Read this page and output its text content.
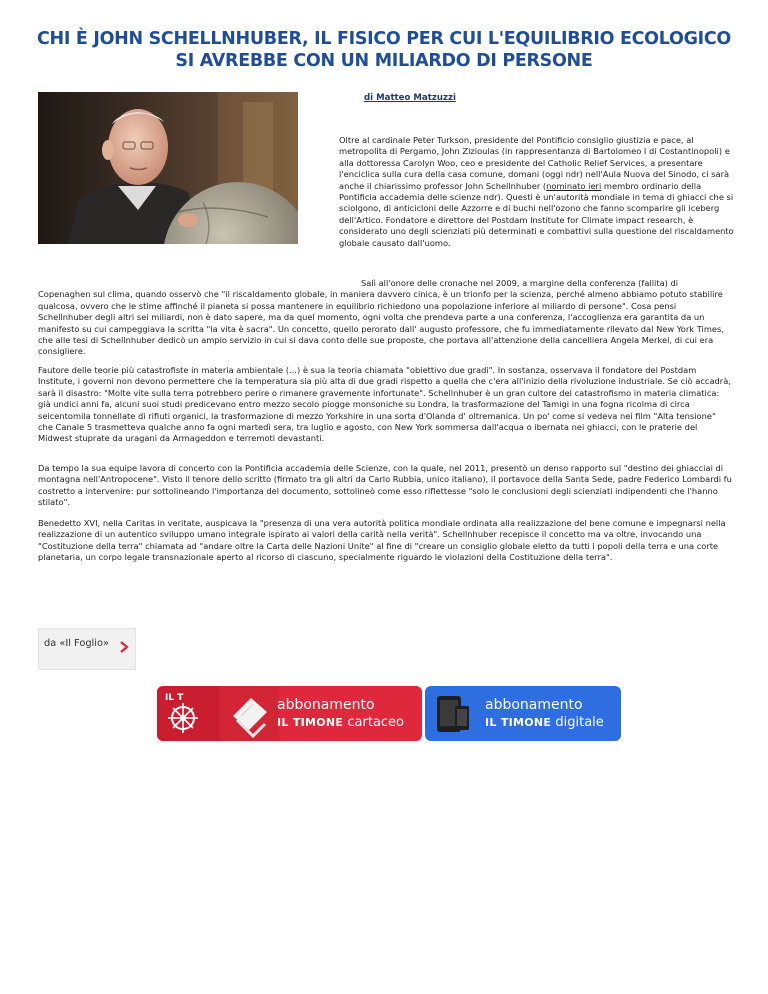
CHI È JOHN SCHELLNHUBER, IL FISICO PER CUI L'EQUILIBRIO ECOLOGICO
SI AVREBBE CON UN MILIARDO DI PERSONE
di Matteo Matzuzzi
Oltre al cardinale Peter Turkson, presidente del Pontificio consiglio giustizia e pace, al metropolita di Pergamo, John Zizioulas (in rappresentanza di Bartolomeo I di Costantinopoli) e alla dottoressa Carolyn Woo, ceo e presidente del Catholic Relief Services, a presentare l'enciclica sulla cura della casa comune, domani (oggi ndr) nell'Aula Nuova del Sinodo, ci sarà anche il chiarissimo professor John Schellnhuber (nominato ieri membro ordinario della Pontificia accademia delle scienze ndr). Questi è un'autorità mondiale in tema di ghiacci che si sciolgono, di anticicloni delle Azzorre e di buchi nell'ozono che fanno scomparire gli iceberg dell'Artico. Fondatore e direttore del Postdam Institute for Climate impact research, è considerato uno degli scienziati più determinati e combattivi sulla questione del riscaldamento globale causato dall'uomo.

Salì all'onore delle cronache nel 2009, a margine della conferenza (fallita) di Copenaghen sul clima, quando osservò che "il riscaldamento globale, in maniera davvero cinica, è un trionfo per la scienza, perché almeno abbiamo potuto stabilire qualcosa, ovvero che le stime affinché il pianeta si possa mantenere in equilibrio richiedono una popolazione inferiore al miliardo di persone". Cosa pensi Schellnhuber degli altri sei miliardi, non è dato sapere, ma da quel momento, ogni volta che prendeva parte a una conferenza, l'accoglienza era garantita da un manifesto su cui campeggiava la scritta "la vita è sacra". Un concetto, quello perorato dall' augusto professore, che fu immediatamente rilevato dal New York Times, che alle tesi di Schellnhuber dedicò un ampio servizio in cui si dava conto delle sue proposte, che portava all'attenzione della cancelliera Angela Merkel, di cui era consigliere.

Fautore delle teorie più catastrofiste in materia ambientale (...) è sua la teoria chiamata "obiettivo due gradi". In sostanza, osservava il fondatore del Postdam Institute, i governi non devono permettere che la temperatura sia più alta di due gradi rispetto a quella che c'era all'inizio della rivoluzione industriale. Se ciò accadrà, sarà il disastro: "Molte vite sulla terra potrebbero perire o rimanere gravemente infortunate". Schellnhuber è un gran cultore del catastrofismo in materia climatica: già undici anni fa, alcuni suoi studi predicevano entro mezzo secolo piogge monsoniche su Londra, la trasformazione del Tamigi in una fogna ricolma di circa seicentomila tonnellate di rifiuti organici, la trasformazione di mezzo Yorkshire in una sorta d'Olanda d' oltremanica. Un po' come si vedeva nei film "Alta tensione" che Canale 5 trasmetteva qualche anno fa ogni martedì sera, tra luglio e agosto, con New York sommersa dall'acqua o ibernata nei ghiacci, con le praterie del Midwest stuprate da uragani da Armageddon e terremoti devastanti.

Da tempo la sua equipe lavora di concerto con la Pontificia accademia delle Scienze, con la quale, nel 2011, presentò un denso rapporto sul "destino dei ghiacciai di montagna nell'Antropocene". Visto il tenore dello scritto (firmato tra gli altri da Carlo Rubbia, unico italiano), il portavoce della Santa Sede, padre Federico Lombardi fu costretto a intervenire: pur sottolineando l'importanza del documento, sottolineò come esso riflettesse "solo le conclusioni degli scienziati indipendenti che l'hanno stilato".

Benedetto XVI, nella Caritas in veritate, auspicava la "presenza di una vera autorità politica mondiale ordinata alla realizzazione del bene comune e impegnarsi nella realizzazione di un autentico sviluppo umano integrale ispirato ai valori della carità nella verità". Schellnhuber recepisce il concetto ma va oltre, invocando una "Costituzione della terra" chiamata ad "andare oltre la Carta delle Nazioni Unite" al fine di "creare un consiglio globale eletto da tutti i popoli della terra e una corte planetaria, un corpo legale transnazionale aperto al ricorso di ciascuno, specialmente riguardo le violazioni della Costituzione della terra".

da «Il Foglio»
IL T	abbonamento
IL TIMONE cartaceo
abbonamento
IL TIMONE digitale
